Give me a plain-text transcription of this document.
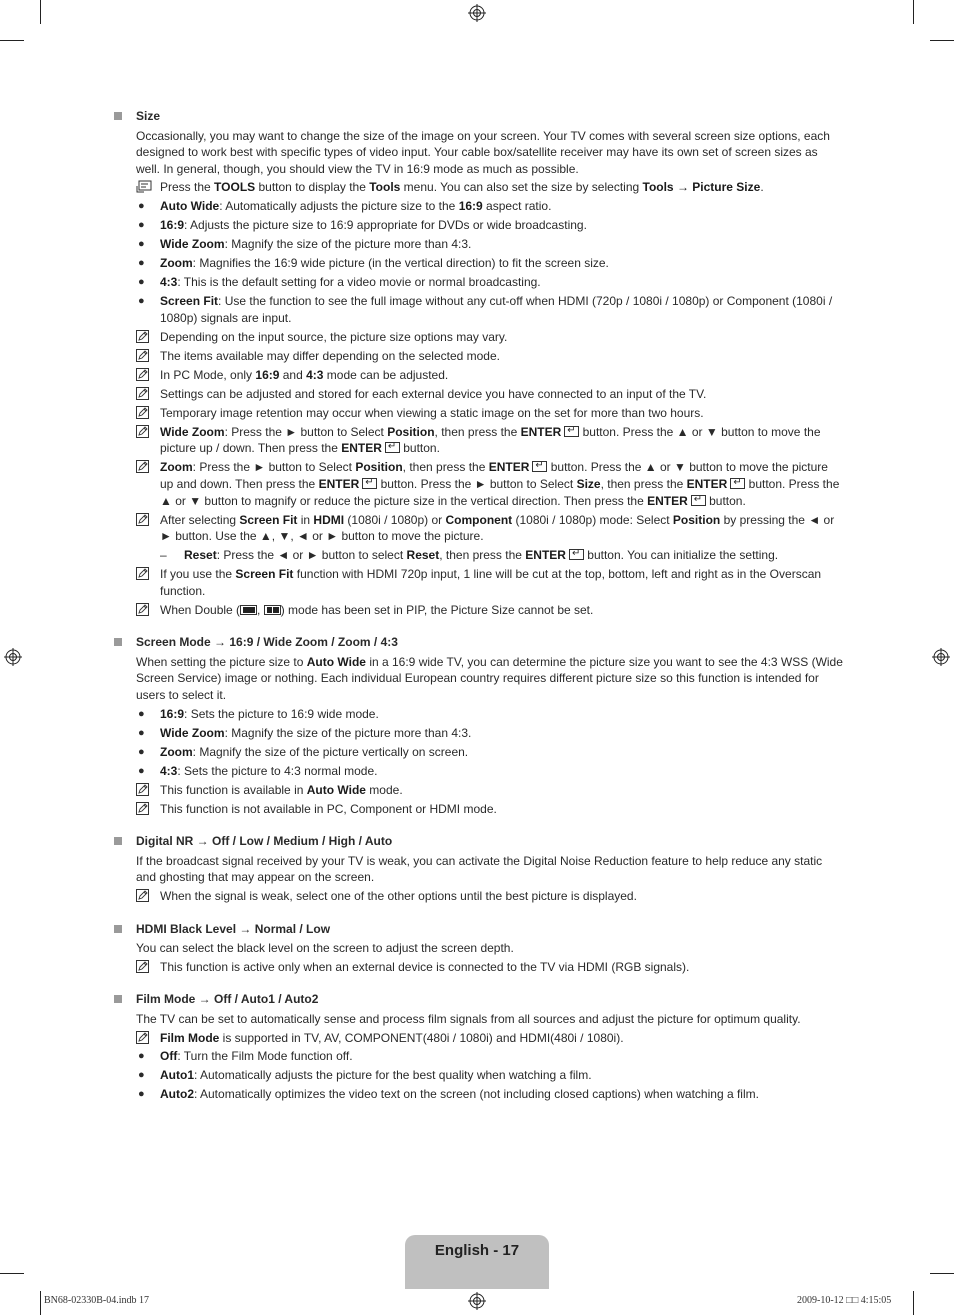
Size
Occasionally, you may want to change the size of the image on your screen. Your TV comes with several screen size options, each designed to work best with specific types of video input. Your cable box/satellite receiver may have its own set of screen sizes as well. In general, though, you should view the TV in 16:9 mode as much as possible.
Press the TOOLS button to display the Tools menu. You can also set the size by selecting Tools → Picture Size.
●	Auto Wide: Automatically adjusts the picture size to the 16:9 aspect ratio.
●	16:9: Adjusts the picture size to 16:9 appropriate for DVDs or wide broadcasting.
●	Wide Zoom: Magnify the size of the picture more than 4:3.
●	Zoom: Magnifies the 16:9 wide picture (in the vertical direction) to fit the screen size.
●	4:3: This is the default setting for a video movie or normal broadcasting.
●	Screen Fit: Use the function to see the full image without any cut-off when HDMI (720p / 1080i / 1080p) or Component (1080i / 1080p) signals are input.
Depending on the input source, the picture size options may vary.
The items available may differ depending on the selected mode.
In PC Mode, only 16:9 and 4:3 mode can be adjusted.
Settings can be adjusted and stored for each external device you have connected to an input of the TV.
Temporary image retention may occur when viewing a static image on the set for more than two hours.
Wide Zoom: Press the ► button to Select Position, then press the ENTER↵ button. Press the ▲ or ▼ button to move the picture up / down. Then press the ENTER↵ button.
Zoom: Press the ► button to Select Position, then press the ENTER↵ button. Press the ▲ or ▼ button to move the picture up and down. Then press the ENTER↵ button. Press the ► button to Select Size, then press the ENTER↵ button. Press the ▲ or ▼ button to magnify or reduce the picture size in the vertical direction. Then press the ENTER↵ button.
After selecting Screen Fit in HDMI (1080i / 1080p) or Component (1080i / 1080p) mode: Select Position by pressing the ◄ or ► button. Use the ▲, ▼, ◄ or ► button to move the picture.
–	Reset: Press the ◄ or ► button to select Reset, then press the ENTER↵ button. You can initialize the setting.
If you use the Screen Fit function with HDMI 720p input, 1 line will be cut at the top, bottom, left and right as in the Overscan function.
When Double ( ,
) mode has been set in PIP, the Picture Size cannot be set.
Screen Mode → 16:9 / Wide Zoom / Zoom / 4:3
When setting the picture size to Auto Wide in a 16:9 wide TV, you can determine the picture size you want to see the 4:3 WSS (Wide Screen Service) image or nothing. Each individual European country requires different picture size so this function is intended for users to select it.
●	16:9: Sets the picture to 16:9 wide mode.
●	Wide Zoom: Magnify the size of the picture more than 4:3.
●	Zoom: Magnify the size of the picture vertically on screen.
●	4:3: Sets the picture to 4:3 normal mode.
This function is available in Auto Wide mode.
This function is not available in PC, Component or HDMI mode.
Digital NR → Off / Low / Medium / High / Auto
If the broadcast signal received by your TV is weak, you can activate the Digital Noise Reduction feature to help reduce any static and ghosting that may appear on the screen.
When the signal is weak, select one of the other options until the best picture is displayed.
HDMI Black Level → Normal / Low
You can select the black level on the screen to adjust the screen depth.
This function is active only when an external device is connected to the TV via HDMI (RGB signals).
Film Mode → Off / Auto1 / Auto2
The TV can be set to automatically sense and process film signals from all sources and adjust the picture for optimum quality.
Film Mode is supported in TV, AV, COMPONENT(480i / 1080i) and HDMI(480i / 1080i).
●	Off: Turn the Film Mode function off.
●	Auto1: Automatically adjusts the picture for the best quality when watching a film.
●	Auto2: Automatically optimizes the video text on the screen (not including closed captions) when watching a film.
English - 17
BN68-02330B-04.indb 17	2009-10-12 □□ 4:15:05
